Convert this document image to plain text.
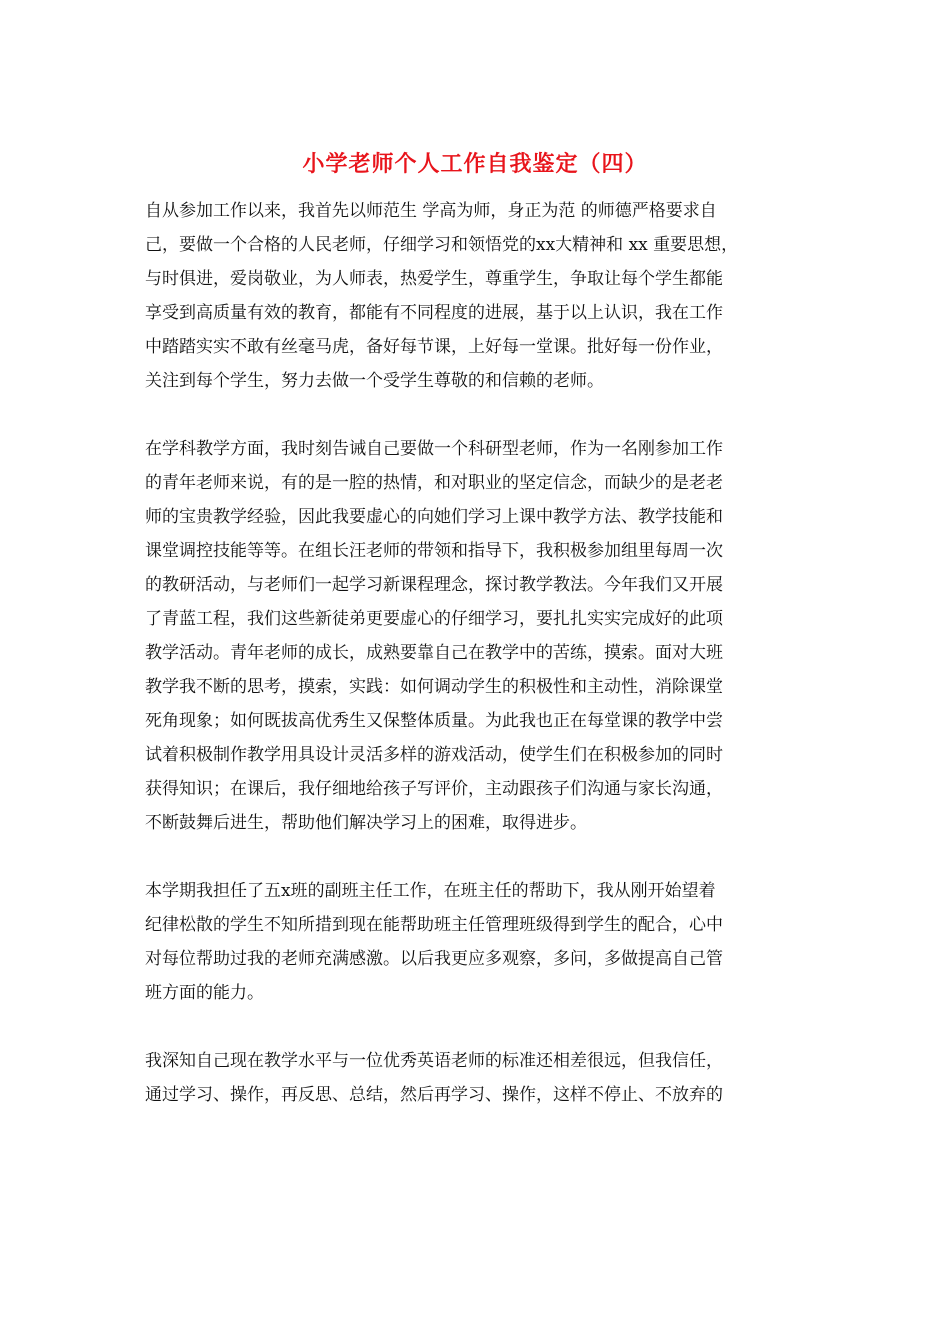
小学老师个人工作自我鉴定（四）
自从参加工作以来，我首先以师范生 学高为师，身正为范 的师德严格要求自
己，要做一个合格的人民老师，仔细学习和领悟党的xx大精神和 xx 重要思想，
与时俱进，爱岗敬业，为人师表，热爱学生，尊重学生，争取让每个学生都能
享受到高质量有效的教育，都能有不同程度的进展，基于以上认识，我在工作
中踏踏实实不敢有丝毫马虎，备好每节课，上好每一堂课。批好每一份作业，
关注到每个学生，努力去做一个受学生尊敬的和信赖的老师。
在学科教学方面，我时刻告诫自己要做一个科研型老师，作为一名刚参加工作
的青年老师来说，有的是一腔的热情，和对职业的坚定信念，而缺少的是老老
师的宝贵教学经验，因此我要虚心的向她们学习上课中教学方法、教学技能和
课堂调控技能等等。在组长汪老师的带领和指导下，我积极参加组里每周一次
的教研活动，与老师们一起学习新课程理念，探讨教学教法。今年我们又开展
了青蓝工程，我们这些新徒弟更要虚心的仔细学习，要扎扎实实完成好的此项
教学活动。青年老师的成长，成熟要靠自己在教学中的苦练，摸索。面对大班
教学我不断的思考，摸索，实践：如何调动学生的积极性和主动性，消除课堂
死角现象；如何既拔高优秀生又保整体质量。为此我也正在每堂课的教学中尝
试着积极制作教学用具设计灵活多样的游戏活动，使学生们在积极参加的同时
获得知识；在课后，我仔细地给孩子写评价，主动跟孩子们沟通与家长沟通，
不断鼓舞后进生，帮助他们解决学习上的困难，取得进步。
本学期我担任了五x班的副班主任工作，在班主任的帮助下，我从刚开始望着
纪律松散的学生不知所措到现在能帮助班主任管理班级得到学生的配合，心中
对每位帮助过我的老师充满感激。以后我更应多观察，多问，多做提高自己管
班方面的能力。
我深知自己现在教学水平与一位优秀英语老师的标准还相差很远，但我信任，
通过学习、操作，再反思、总结，然后再学习、操作，这样不停止、不放弃的
